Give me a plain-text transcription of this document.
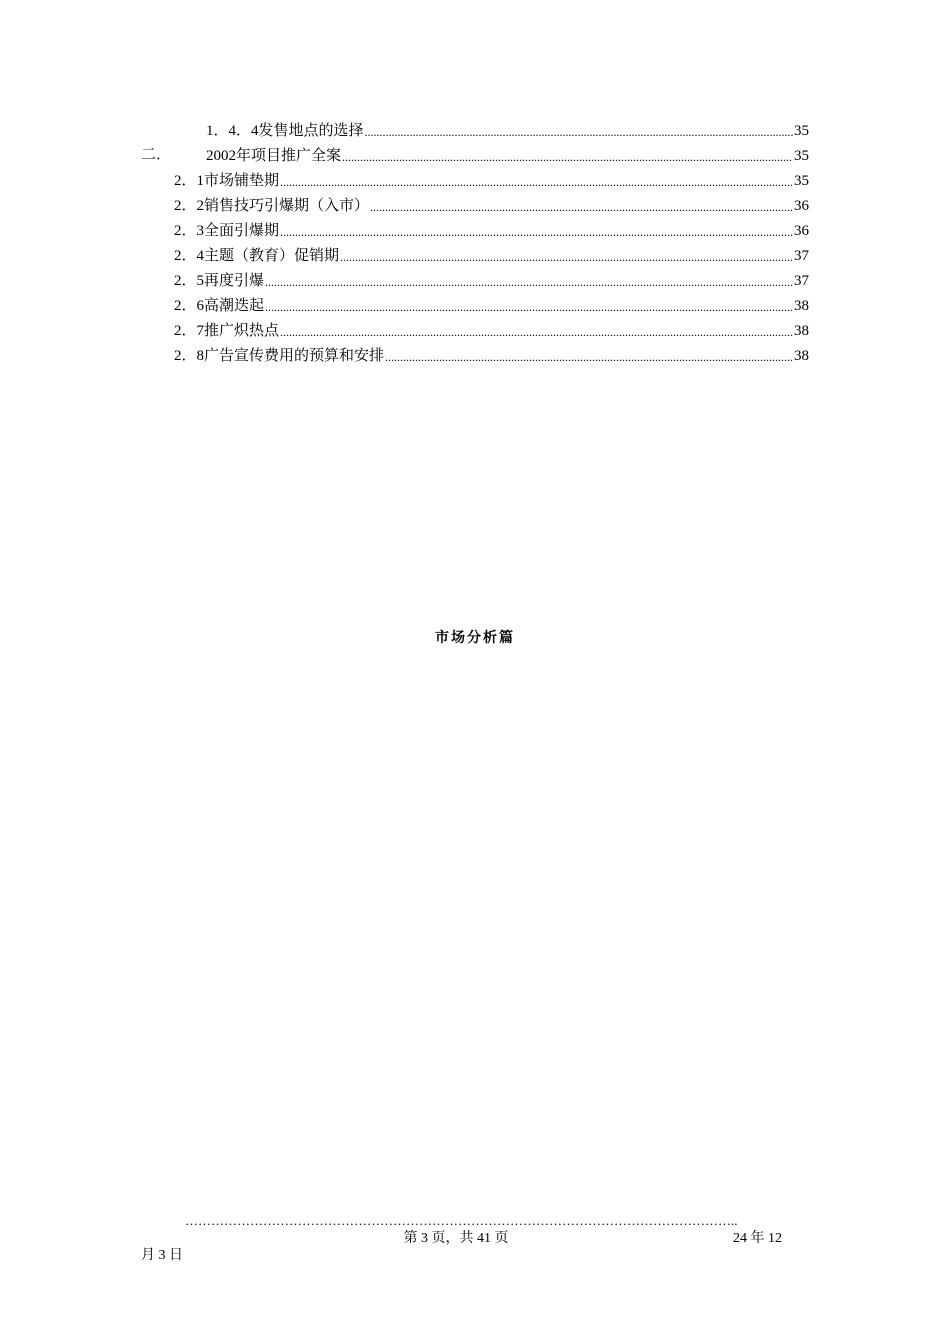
1．4．4发售地点的选择 .....	35
二． 2002年项目推广全案 .....	35
2．1市场铺垫期 .....	35
2．2销售技巧引爆期（入市） .....	36
2．3全面引爆期 .....	36
2．4主题（教育）促销期 .....	37
2．5再度引爆 .....	37
2．6高潮迭起 .....	38
2．7推广炽热点 .....	38
2．8广告宣传费用的预算和安排 .....	38
市场分析篇
………………………………………………………………………………………………………………..
第 3 页，共 41 页	24 年 12
月 3 日
